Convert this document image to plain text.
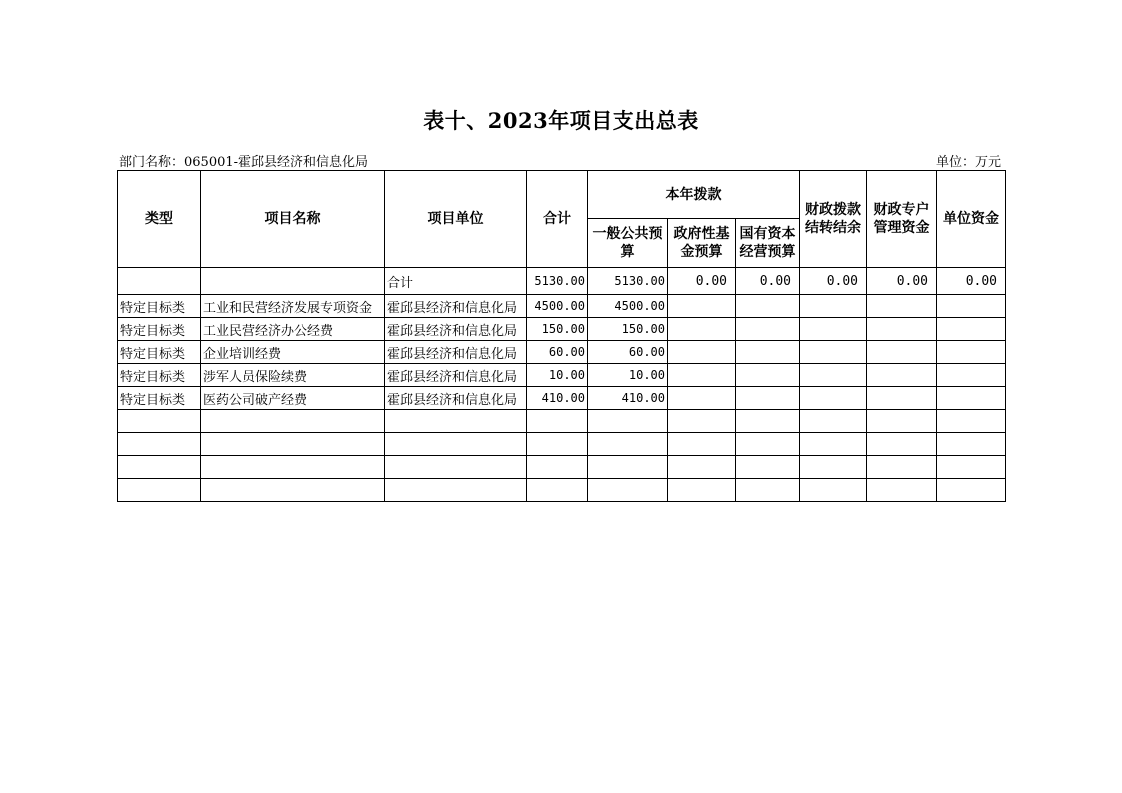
表十、2023年项目支出总表
部门名称：065001-霍邱县经济和信息化局	单位：万元
类型	项目名称	项目单位	合计	本年拨款			财政拨款结转结余	财政专户管理资金	单位资金
				一般公共预算	政府性基金预算	国有资本经营预算			
		合计	5130.00	5130.00	0.00	0.00	0.00	0.00	0.00
特定目标类	工业和民营经济发展专项资金	霍邱县经济和信息化局	4500.00	4500.00					
特定目标类	工业民营经济办公经费	霍邱县经济和信息化局	150.00	150.00					
特定目标类	企业培训经费	霍邱县经济和信息化局	60.00	60.00					
特定目标类	涉军人员保险续费	霍邱县经济和信息化局	10.00	10.00					
特定目标类	医药公司破产经费	霍邱县经济和信息化局	410.00	410.00					
